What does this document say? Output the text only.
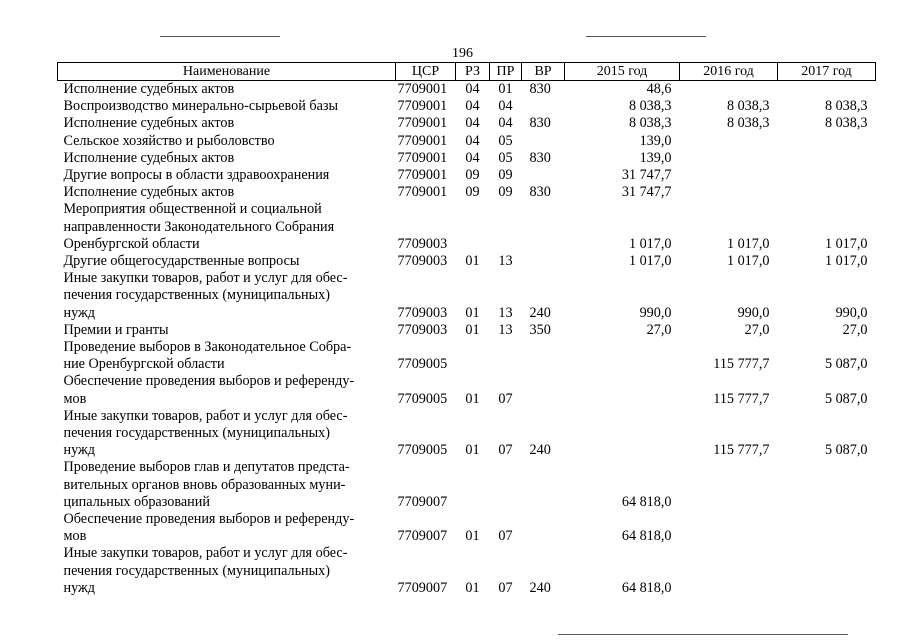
196
Наименование	ЦСР	РЗ	ПР	ВР	2015 год	2016 год	2017 год

Исполнение судебных актов	7709001	04	01	830	48,6		

Воспроизводство минерально-сырьевой базы	7709001	04	04		8 038,3	8 038,3	8 038,3

Исполнение судебных актов	7709001	04	04	830	8 038,3	8 038,3	8 038,3

Сельское хозяйство и рыболовство	7709001	04	05		139,0		

Исполнение судебных актов	7709001	04	05	830	139,0		

Другие вопросы в области здравоохранения	7709001	09	09		31 747,7		

Исполнение судебных актов	7709001	09	09	830	31 747,7		

Мероприятия общественной и социальной
направленности Законодательного Собрания
Оренбургской области	7709003				1 017,0	1 017,0	1 017,0

Другие общегосударственные вопросы	7709003	01	13		1 017,0	1 017,0	1 017,0

Иные закупки товаров, работ и услуг для обес-
печения государственных (муниципальных)
нужд	7709003	01	13	240	990,0	990,0	990,0

Премии и гранты	7709003	01	13	350	27,0	27,0	27,0

Проведение выборов в Законодательное Собра-
ние Оренбургской области	7709005					115 777,7	5 087,0

Обеспечение проведения выборов и референду-
мов	7709005	01	07			115 777,7	5 087,0

Иные закупки товаров, работ и услуг для обес-
печения государственных (муниципальных)
нужд	7709005	01	07	240		115 777,7	5 087,0

Проведение выборов глав и депутатов предста-
вительных органов вновь образованных муни-
ципальных образований	7709007				64 818,0		

Обеспечение проведения выборов и референду-
мов	7709007	01	07		64 818,0		

Иные закупки товаров, работ и услуг для обес-
печения государственных (муниципальных)
нужд	7709007	01	07	240	64 818,0		
